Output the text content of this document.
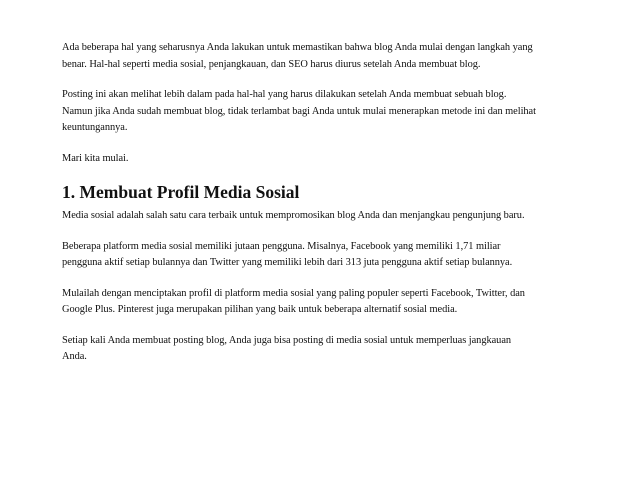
Ada beberapa hal yang seharusnya Anda lakukan untuk memastikan bahwa blog Anda mulai dengan langkah yang
benar. Hal-hal seperti media sosial, penjangkauan, dan SEO harus diurus setelah Anda membuat blog.

Posting ini akan melihat lebih dalam pada hal-hal yang harus dilakukan setelah Anda membuat sebuah blog.
Namun jika Anda sudah membuat blog, tidak terlambat bagi Anda untuk mulai menerapkan metode ini dan melihat
keuntungannya.

Mari kita mulai.

1. Membuat Profil Media Sosial

Media sosial adalah salah satu cara terbaik untuk mempromosikan blog Anda dan menjangkau pengunjung baru.

Beberapa platform media sosial memiliki jutaan pengguna. Misalnya, Facebook yang memiliki 1,71 miliar
pengguna aktif setiap bulannya dan Twitter yang memiliki lebih dari 313 juta pengguna aktif setiap bulannya.

Mulailah dengan menciptakan profil di platform media sosial yang paling populer seperti Facebook, Twitter, dan
Google Plus. Pinterest juga merupakan pilihan yang baik untuk beberapa alternatif sosial media.

Setiap kali Anda membuat posting blog, Anda juga bisa posting di media sosial untuk memperluas jangkauan
Anda.
